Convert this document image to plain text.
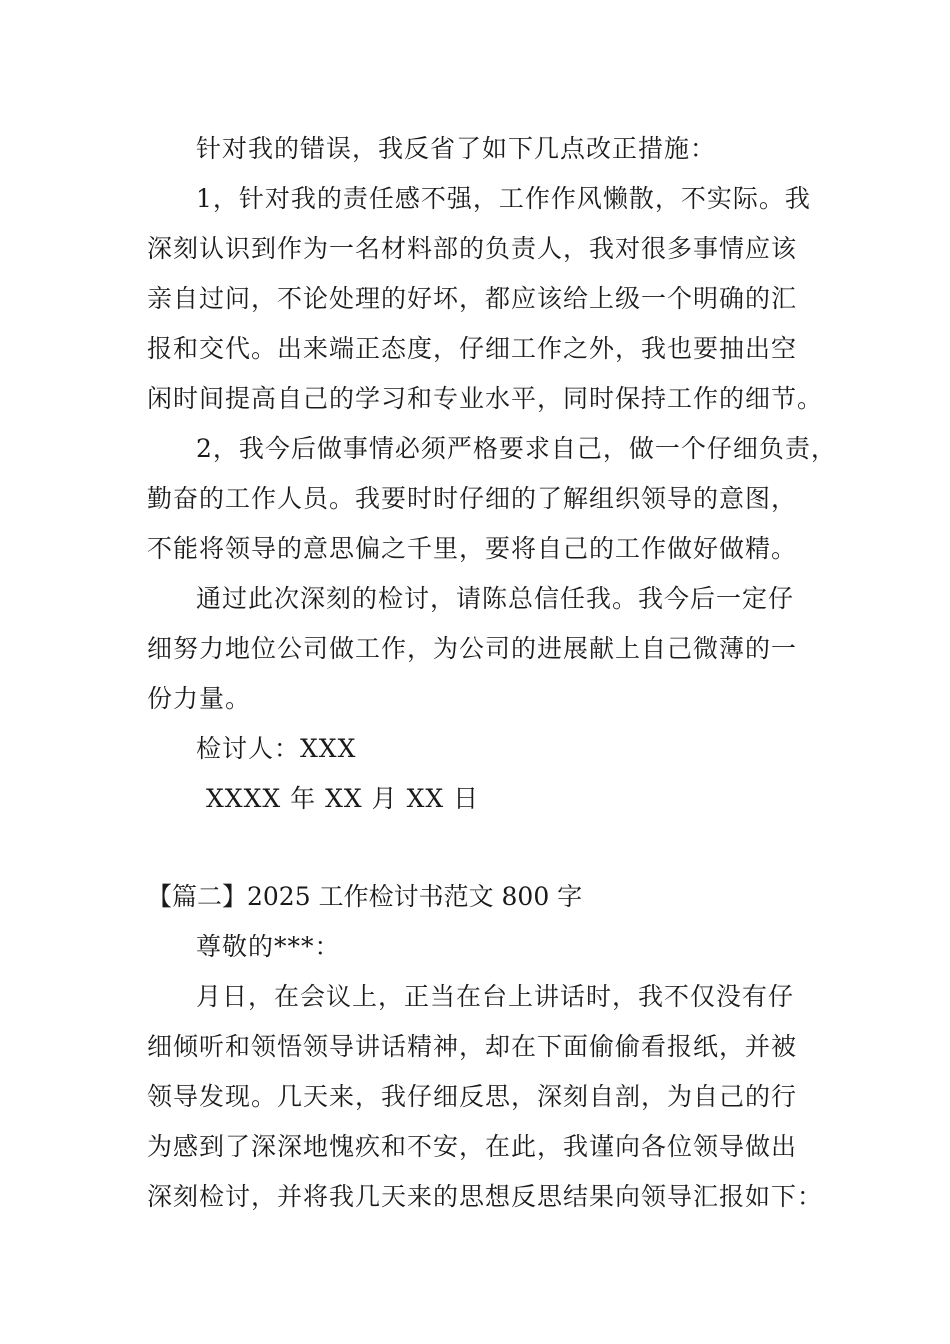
针对我的错误，我反省了如下几点改正措施：
1，针对我的责任感不强，工作作风懒散，不实际。我
深刻认识到作为一名材料部的负责人，我对很多事情应该
亲自过问，不论处理的好坏，都应该给上级一个明确的汇
报和交代。出来端正态度，仔细工作之外，我也要抽出空
闲时间提高自己的学习和专业水平，同时保持工作的细节。
2，我今后做事情必须严格要求自己，做一个仔细负责，
勤奋的工作人员。我要时时仔细的了解组织领导的意图，
不能将领导的意思偏之千里，要将自己的工作做好做精。
通过此次深刻的检讨，请陈总信任我。我今后一定仔
细努力地位公司做工作，为公司的进展献上自己微薄的一
份力量。
检讨人：XXX
XXXX 年 XX 月 XX 日
【篇二】2025 工作检讨书范文 800 字
尊敬的***：
月日，在会议上，正当在台上讲话时，我不仅没有仔
细倾听和领悟领导讲话精神，却在下面偷偷看报纸，并被
领导发现。几天来，我仔细反思，深刻自剖，为自己的行
为感到了深深地愧疚和不安，在此，我谨向各位领导做出
深刻检讨，并将我几天来的思想反思结果向领导汇报如下：
